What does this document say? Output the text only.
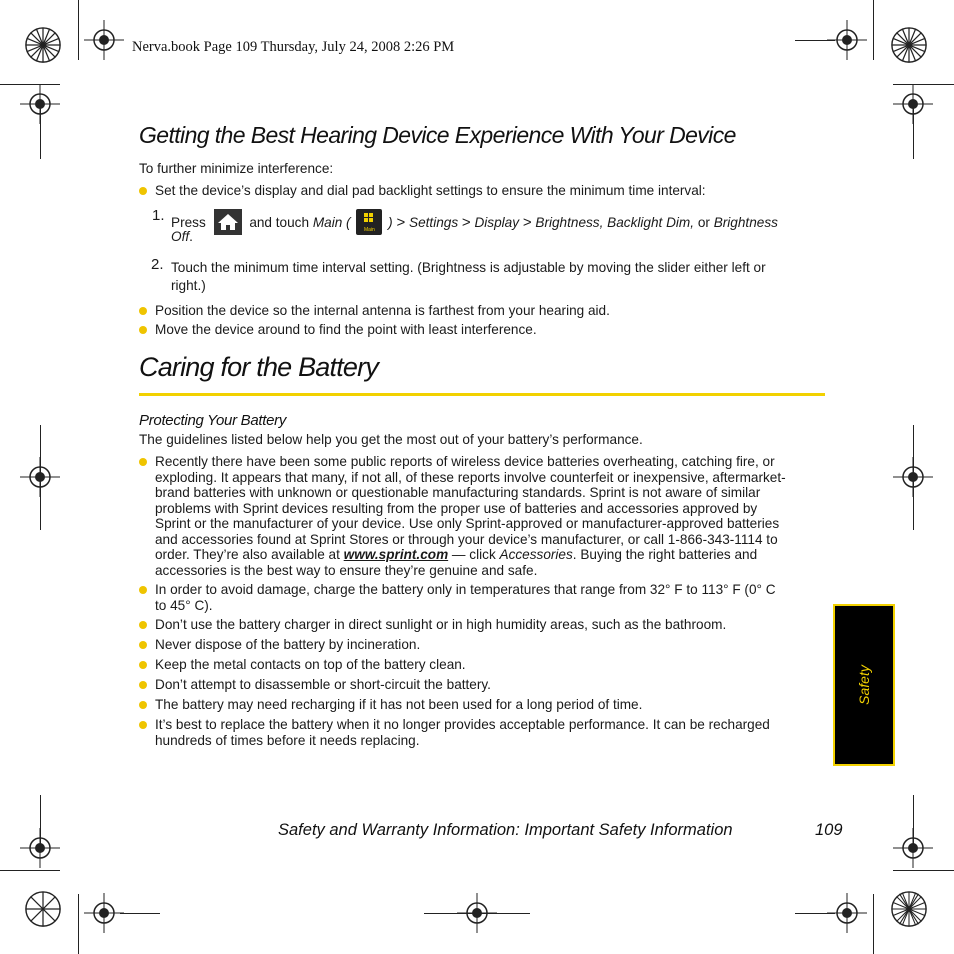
Nerva.book Page 109 Thursday, July 24, 2008 2:26 PM
Getting the Best Hearing Device Experience With Your Device
To further minimize interference:
Set the device’s display and dial pad backlight settings to ensure the minimum time interval:
1. Press	and touch Main (	Main ) > Settings > Display > Brightness, Backlight Dim, or Brightness
Off.
2. Touch the minimum time interval setting. (Brightness is adjustable by moving the slider either left or
right.)
Position the device so the internal antenna is farthest from your hearing aid.
Move the device around to find the point with least interference.
Caring for the Battery
Protecting Your Battery
The guidelines listed below help you get the most out of your battery’s performance.
Recently there have been some public reports of wireless device batteries overheating, catching fire, or
exploding. It appears that many, if not all, of these reports involve counterfeit or inexpensive, aftermarket-
brand batteries with unknown or questionable manufacturing standards. Sprint is not aware of similar
problems with Sprint devices resulting from the proper use of batteries and accessories approved by
Sprint or the manufacturer of your device. Use only Sprint-approved or manufacturer-approved batteries
and accessories found at Sprint Stores or through your device’s manufacturer, or call 1-866-343-1114 to
order. They’re also available at www.sprint.com — click Accessories. Buying the right batteries and
accessories is the best way to ensure they’re genuine and safe.
In order to avoid damage, charge the battery only in temperatures that range from 32° F to 113° F (0° C
to 45° C).
Don’t use the battery charger in direct sunlight or in high humidity areas, such as the bathroom.
Never dispose of the battery by incineration.
Keep the metal contacts on top of the battery clean.
Don’t attempt to disassemble or short-circuit the battery.
The battery may need recharging if it has not been used for a long period of time.
It’s best to replace the battery when it no longer provides acceptable performance. It can be recharged
hundreds of times before it needs replacing.
Safety
Safety and Warranty Information: Important Safety Information	109
